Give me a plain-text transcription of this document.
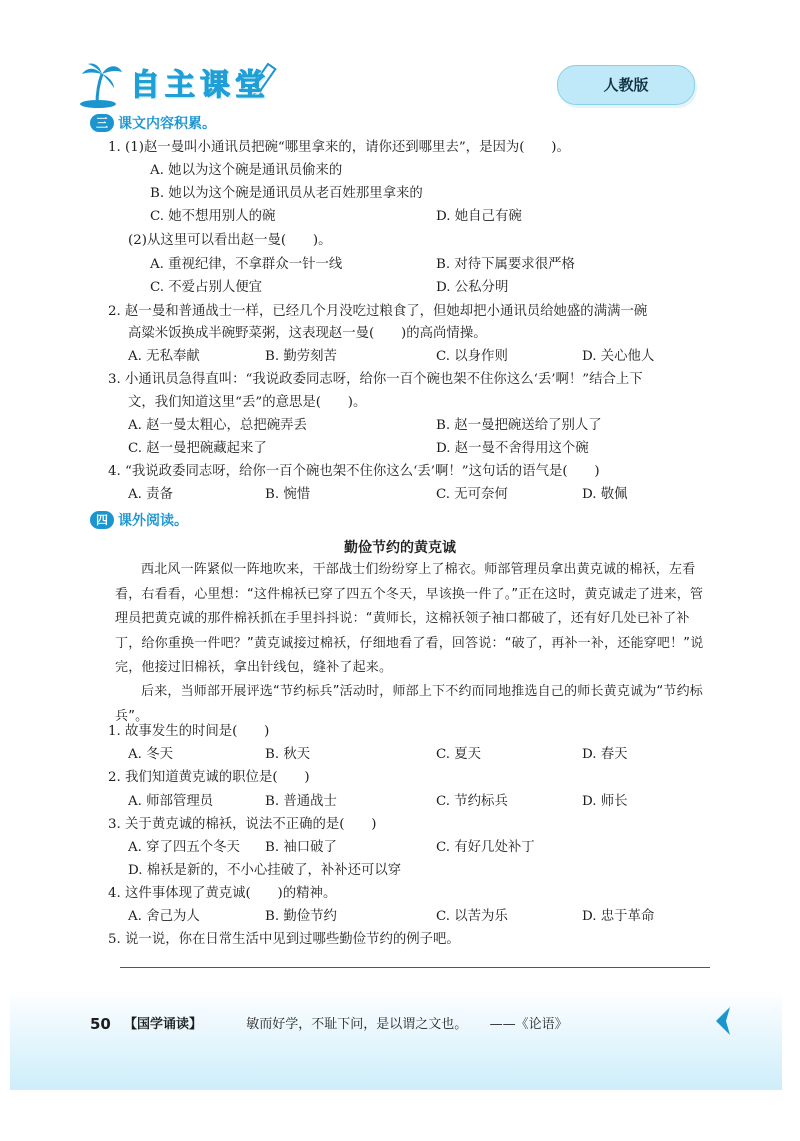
自主课堂	人教版
三 课文内容积累。
1. (1)赵一曼叫小通讯员把碗“哪里拿来的，请你还到哪里去”，是因为(　　)。
A. 她以为这个碗是通讯员偷来的
B. 她以为这个碗是通讯员从老百姓那里拿来的
C. 她不想用别人的碗	D. 她自己有碗
(2)从这里可以看出赵一曼(　　)。
A. 重视纪律，不拿群众一针一线	B. 对待下属要求很严格
C. 不爱占别人便宜	D. 公私分明
2. 赵一曼和普通战士一样，已经几个月没吃过粮食了，但她却把小通讯员给她盛的满满一碗
高粱米饭换成半碗野菜粥，这表现赵一曼(　　)的高尚情操。
A. 无私奉献	B. 勤劳刻苦	C. 以身作则	D. 关心他人
3. 小通讯员急得直叫：“我说政委同志呀，给你一百个碗也架不住你这么‘丢’啊！”结合上下
文，我们知道这里“丢”的意思是(　　)。
A. 赵一曼太粗心，总把碗弄丢	B. 赵一曼把碗送给了别人了
C. 赵一曼把碗藏起来了	D. 赵一曼不舍得用这个碗
4. “我说政委同志呀，给你一百个碗也架不住你这么‘丢’啊！”这句话的语气是(　　)
A. 责备	B. 惋惜	C. 无可奈何	D. 敬佩
四 课外阅读。
勤俭节约的黄克诚
西北风一阵紧似一阵地吹来，干部战士们纷纷穿上了棉衣。师部管理员拿出黄克诚的棉袄，左看看，右看看，心里想：“这件棉袄已穿了四五个冬天，早该换一件了。”正在这时，黄克诚走了进来，管理员把黄克诚的那件棉袄抓在手里抖抖说：“黄师长，这棉袄领子袖口都破了，还有好几处已补了补丁，给你重换一件吧？”黄克诚接过棉袄，仔细地看了看，回答说：“破了，再补一补，还能穿吧！”说完，他接过旧棉袄，拿出针线包，缝补了起来。
后来，当师部开展评选“节约标兵”活动时，师部上下不约而同地推选自己的师长黄克诚为“节约标兵”。
1. 故事发生的时间是(　　)
A. 冬天	B. 秋天	C. 夏天	D. 春天
2. 我们知道黄克诚的职位是(　　)
A. 师部管理员	B. 普通战士	C. 节约标兵	D. 师长
3. 关于黄克诚的棉袄，说法不正确的是(　　)
A. 穿了四五个冬天 B. 袖口破了	C. 有好几处补丁
D. 棉袄是新的，不小心挂破了，补补还可以穿
4. 这件事体现了黄克诚(　　)的精神。
A. 舍己为人	B. 勤俭节约	C. 以苦为乐	D. 忠于革命
5. 说一说，你在日常生活中见到过哪些勤俭节约的例子吧。
50 【国学诵读】	敏而好学，不耻下问，是以谓之文也。 ——《论语》
